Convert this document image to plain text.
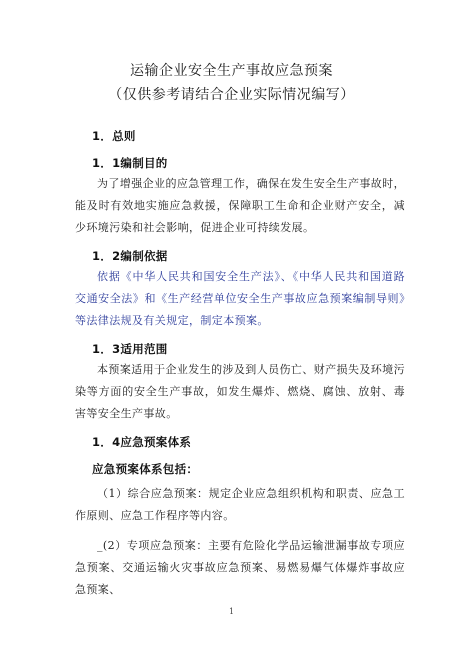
运输企业安全生产事故应急预案
（仅供参考请结合企业实际情况编写）
1．总则
1．1编制目的
为了增强企业的应急管理工作，确保在发生安全生产事故时，能及时有效地实施应急救援，保障职工生命和企业财产安全，减少环境污染和社会影响，促进企业可持续发展。
1．2编制依据
依据《中华人民共和国安全生产法》、《中华人民共和国道路交通安全法》和《生产经营单位安全生产事故应急预案编制导则》等法律法规及有关规定，制定本预案。
1．3适用范围
本预案适用于企业发生的涉及到人员伤亡、财产损失及环境污染等方面的安全生产事故，如发生爆炸、燃烧、腐蚀、放射、毒害等安全生产事故。
1．4应急预案体系
应急预案体系包括：
（1）综合应急预案：规定企业应急组织机构和职责、应急工作原则、应急工作程序等内容。
_(2）专项应急预案：主要有危险化学品运输泄漏事故专项应急预案、交通运输火灾事故应急预案、易燃易爆气体爆炸事故应急预案、
1
